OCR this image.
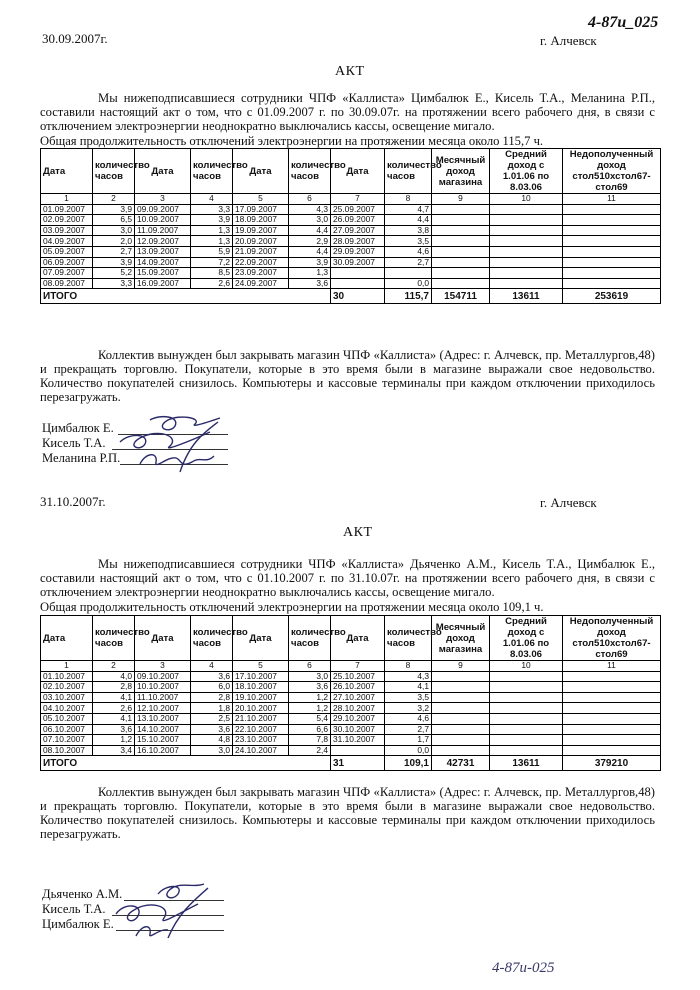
4-87и_025
30.09.2007г.	г. Алчевск
АКТ
Мы нижеподписавшиеся сотрудники ЧПФ «Каллиста» Цимбалюк Е., Кисель Т.А., Меланина Р.П., составили настоящий акт о том, что с 01.09.2007 г. по 30.09.07г. на протяжении всего рабочего дня, в связи с отключением электроэнергии неоднократно выключались кассы, освещение мигало.
Общая продолжительность отключений электроэнергии на протяжении месяца около 115,7 ч.
Дата	количество часов	Дата	количество часов	Дата	количество часов	Дата	количество часов	Месячный доход магазина	Средний доход с 1.01.06 по 8.03.06	Недополученный доход стол510хстол67-стол69
1	2	3	4	5	6	7	8	9	10	11
01.09.2007	3,9	09.09.2007	3,3	17.09.2007	4,3	25.09.2007	4,7			
02.09.2007	6,5	10.09.2007	3,9	18.09.2007	3,0	26.09.2007	4,4			
03.09.2007	3,0	11.09.2007	1,3	19.09.2007	4,4	27.09.2007	3,8			
04.09.2007	2,0	12.09.2007	1,3	20.09.2007	2,9	28.09.2007	3,5			
05.09.2007	2,7	13.09.2007	5,9	21.09.2007	4,4	29.09.2007	4,6			
06.09.2007	3,9	14.09.2007	7,2	22.09.2007	3,9	30.09.2007	2,7			
07.09.2007	5,2	15.09.2007	8,5	23.09.2007	1,3					
08.09.2007	3,3	16.09.2007	2,6	24.09.2007	3,6		0,0			
ИТОГО						30	115,7	154711	13611	253619
Коллектив вынужден был закрывать магазин ЧПФ «Каллиста» (Адрес: г. Алчевск, пр. Металлургов,48) и прекращать торговлю. Покупатели, которые в это время были в магазине выражали свое недовольство. Количество покупателей снизилось. Компьютеры и кассовые терминалы при каждом отключении приходилось перезагружать.
Цимбалюк Е.
Кисель Т.А.
Меланина Р.П.
31.10.2007г.	г. Алчевск
АКТ
Мы нижеподписавшиеся сотрудники ЧПФ «Каллиста» Дьяченко А.М., Кисель Т.А., Цимбалюк Е., составили настоящий акт о том, что с 01.10.2007 г. по 31.10.07г. на протяжении всего рабочего дня, в связи с отключением электроэнергии неоднократно выключались кассы, освещение мигало.
Общая продолжительность отключений электроэнергии на протяжении месяца около 109,1 ч.
Дата	количество часов	Дата	количество часов	Дата	количество часов	Дата	количество часов	Месячный доход магазина	Средний доход с 1.01.06 по 8.03.06	Недополученный доход стол510хстол67-стол69
1	2	3	4	5	6	7	8	9	10	11
01.10.2007	4,0	09.10.2007	3,6	17.10.2007	3,0	25.10.2007	4,3			
02.10.2007	2,8	10.10.2007	6,0	18.10.2007	3,6	26.10.2007	4,1			
03.10.2007	4,1	11.10.2007	2,8	19.10.2007	1,2	27.10.2007	3,5			
04.10.2007	2,6	12.10.2007	1,8	20.10.2007	1,2	28.10.2007	3,2			
05.10.2007	4,1	13.10.2007	2,5	21.10.2007	5,4	29.10.2007	4,6			
06.10.2007	3,6	14.10.2007	3,6	22.10.2007	6,6	30.10.2007	2,7			
07.10.2007	1,2	15.10.2007	4,8	23.10.2007	7,8	31.10.2007	1,7			
08.10.2007	3,4	16.10.2007	3,0	24.10.2007	2,4		0,0			
ИТОГО						31	109,1	42731	13611	379210
Коллектив вынужден был закрывать магазин ЧПФ «Каллиста» (Адрес: г. Алчевск, пр. Металлургов,48) и прекращать торговлю. Покупатели, которые в это время были в магазине выражали свое недовольство. Количество покупателей снизилось. Компьютеры и кассовые терминалы при каждом отключении приходилось перезагружать.
Дьяченко А.М.
Кисель Т.А.
Цимбалюк Е.
4-87и-025
